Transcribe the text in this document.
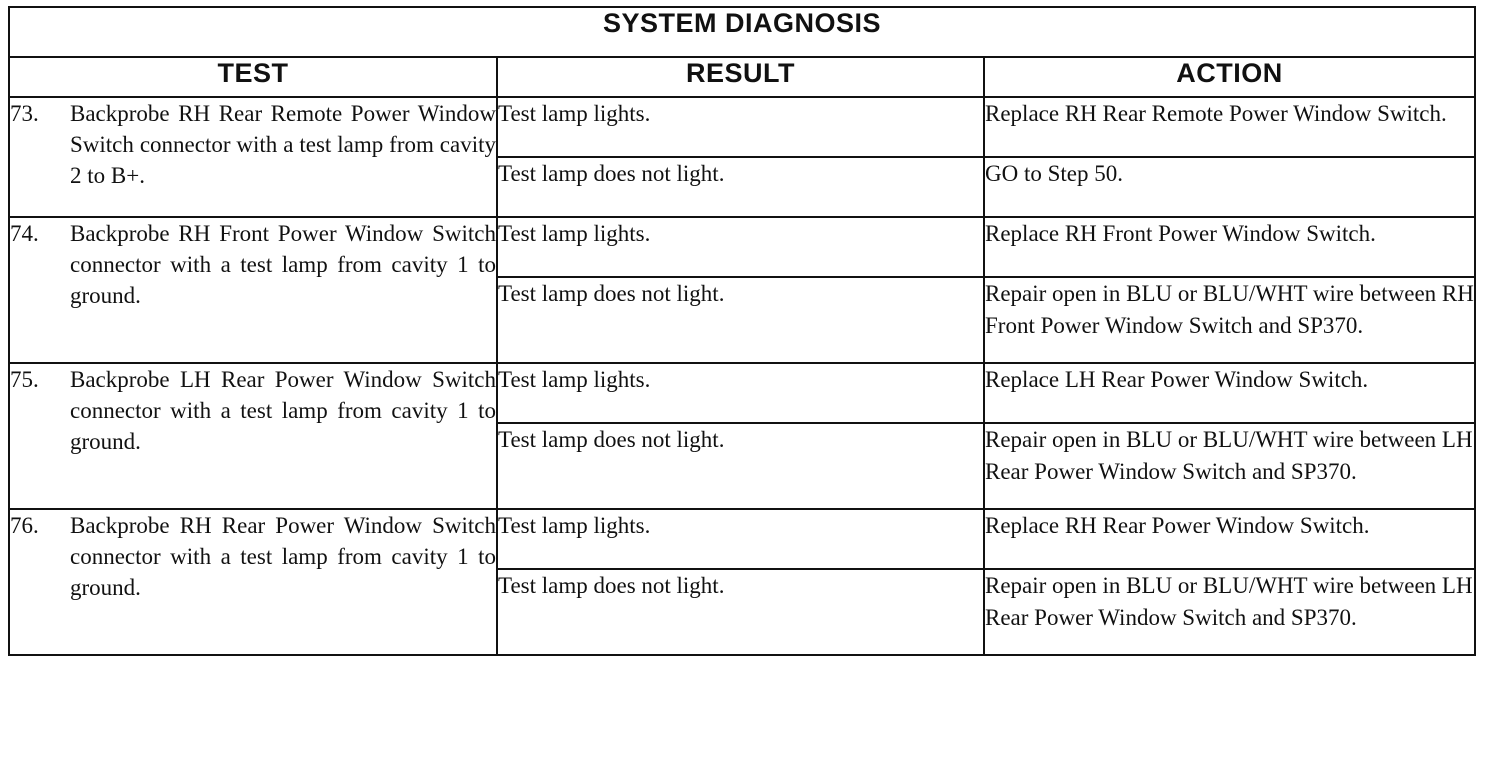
SYSTEM DIAGNOSIS		
TEST	RESULT	ACTION

73. Backprobe RH Rear Remote Power Window Switch connector with a test lamp from cavity 2 to B+.	Test lamp lights.	Replace RH Rear Remote Power Window Switch.
	Test lamp does not light.	GO to Step 50.

74. Backprobe RH Front Power Window Switch connector with a test lamp from cavity 1 to ground.	Test lamp lights.	Replace RH Front Power Window Switch.
	Test lamp does not light.	Repair open in BLU or BLU/WHT wire between RH Front Power Window Switch and SP370.

75. Backprobe LH Rear Power Window Switch connector with a test lamp from cavity 1 to ground.	Test lamp lights.	Replace LH Rear Power Window Switch.
	Test lamp does not light.	Repair open in BLU or BLU/WHT wire between LH Rear Power Window Switch and SP370.

76. Backprobe RH Rear Power Window Switch connector with a test lamp from cavity 1 to ground.	Test lamp lights.	Replace RH Rear Power Window Switch.
	Test lamp does not light.	Repair open in BLU or BLU/WHT wire between LH Rear Power Window Switch and SP370.
